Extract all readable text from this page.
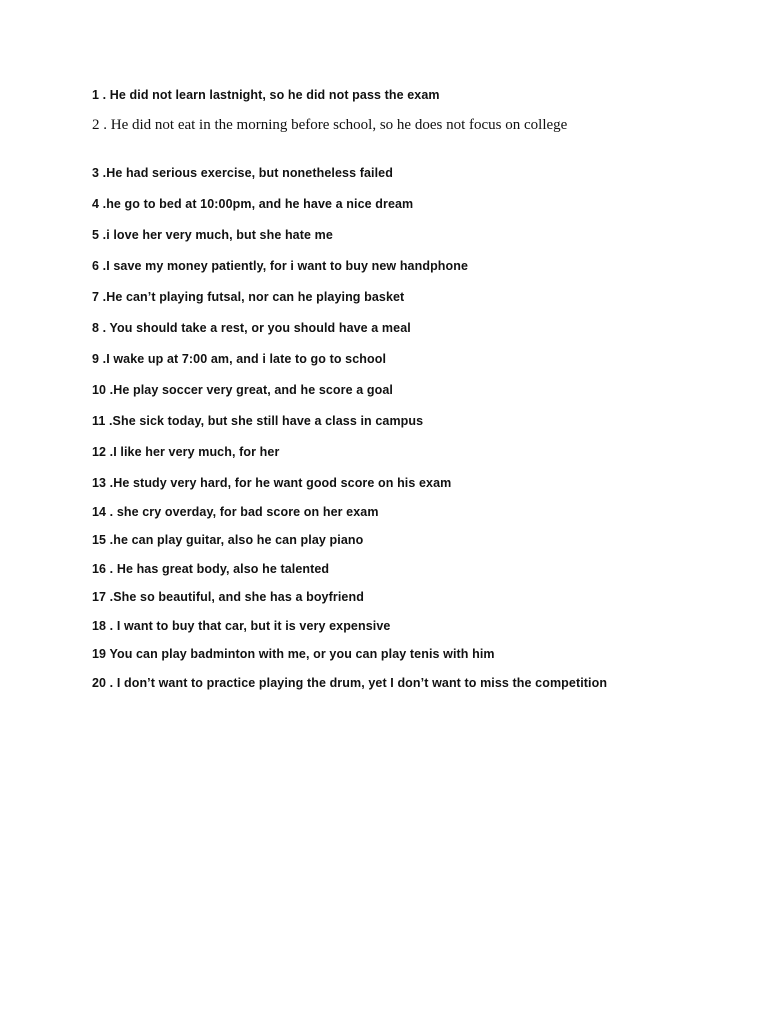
1 . He did not learn lastnight, so he did not pass the exam
2 . He did not eat in the morning before school, so he does not focus on college
3 .He had serious exercise, but nonetheless failed
4 .he go to bed at 10:00pm, and he have a nice dream
5 .i love her very much, but she hate me
6 .I save my money patiently, for i want to buy new handphone
7 .He can’t playing futsal, nor can he playing basket
8 . You should take a rest, or you should have a meal
9 .I wake up at 7:00 am, and i late to go to school
10 .He play soccer very great, and he score a goal
11 .She sick today, but she still have a class in campus
12 .I like her very much, for her
13 .He study very hard, for he want good score on his exam
14 . she cry overday, for bad score on her exam
15 .he can play guitar, also he can play piano
16 . He has great body, also he talented
17 .She so beautiful, and she has a boyfriend
18 . I want to buy that car, but it is very expensive
19 You can play badminton with me, or you can play tenis with him
20 . I don’t want to practice playing the drum, yet I don’t want to miss the competition
